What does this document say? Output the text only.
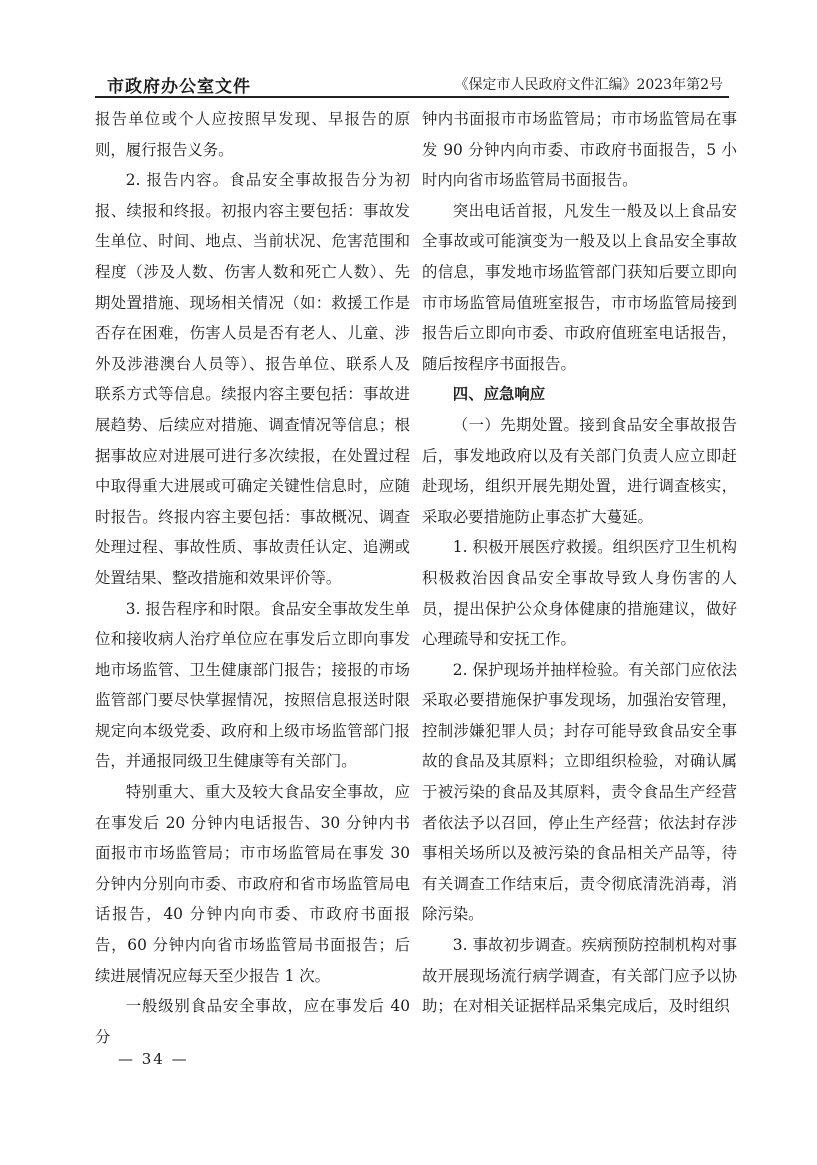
市政府办公室文件	《保定市人民政府文件汇编》2023年第2号

报告单位或个人应按照早发现、早报告的原则，履行报告义务。

2. 报告内容。食品安全事故报告分为初报、续报和终报。初报内容主要包括：事故发生单位、时间、地点、当前状况、危害范围和程度（涉及人数、伤害人数和死亡人数）、先期处置措施、现场相关情况（如：救援工作是否存在困难，伤害人员是否有老人、儿童、涉外及涉港澳台人员等）、报告单位、联系人及联系方式等信息。续报内容主要包括：事故进展趋势、后续应对措施、调查情况等信息；根据事故应对进展可进行多次续报，在处置过程中取得重大进展或可确定关键性信息时，应随时报告。终报内容主要包括：事故概况、调查处理过程、事故性质、事故责任认定、追溯或处置结果、整改措施和效果评价等。

3. 报告程序和时限。食品安全事故发生单位和接收病人治疗单位应在事发后立即向事发地市场监管、卫生健康部门报告；接报的市场监管部门要尽快掌握情况，按照信息报送时限规定向本级党委、政府和上级市场监管部门报告，并通报同级卫生健康等有关部门。

特别重大、重大及较大食品安全事故，应在事发后 20 分钟内电话报告、30 分钟内书面报市市场监管局；市市场监管局在事发 30 分钟内分别向市委、市政府和省市场监管局电话报告，40 分钟内向市委、市政府书面报告，60 分钟内向省市场监管局书面报告；后续进展情况应每天至少报告 1 次。

一般级别食品安全事故，应在事发后 40 分

钟内书面报市市场监管局；市市场监管局在事发 90 分钟内向市委、市政府书面报告，5 小时内向省市场监管局书面报告。

突出电话首报，凡发生一般及以上食品安全事故或可能演变为一般及以上食品安全事故的信息，事发地市场监管部门获知后要立即向市市场监管局值班室报告，市市场监管局接到报告后立即向市委、市政府值班室电话报告，随后按程序书面报告。

四、应急响应

（一）先期处置。接到食品安全事故报告后，事发地政府以及有关部门负责人应立即赶赴现场，组织开展先期处置，进行调查核实，采取必要措施防止事态扩大蔓延。

1. 积极开展医疗救援。组织医疗卫生机构积极救治因食品安全事故导致人身伤害的人员，提出保护公众身体健康的措施建议，做好心理疏导和安抚工作。

2. 保护现场并抽样检验。有关部门应依法采取必要措施保护事发现场，加强治安管理，控制涉嫌犯罪人员；封存可能导致食品安全事故的食品及其原料；立即组织检验，对确认属于被污染的食品及其原料，责令食品生产经营者依法予以召回，停止生产经营；依法封存涉事相关场所以及被污染的食品相关产品等，待有关调查工作结束后，责令彻底清洗消毒，消除污染。

3. 事故初步调查。疾病预防控制机构对事故开展现场流行病学调查，有关部门应予以协助；在对相关证据样品采集完成后，及时组织

— 34 —
